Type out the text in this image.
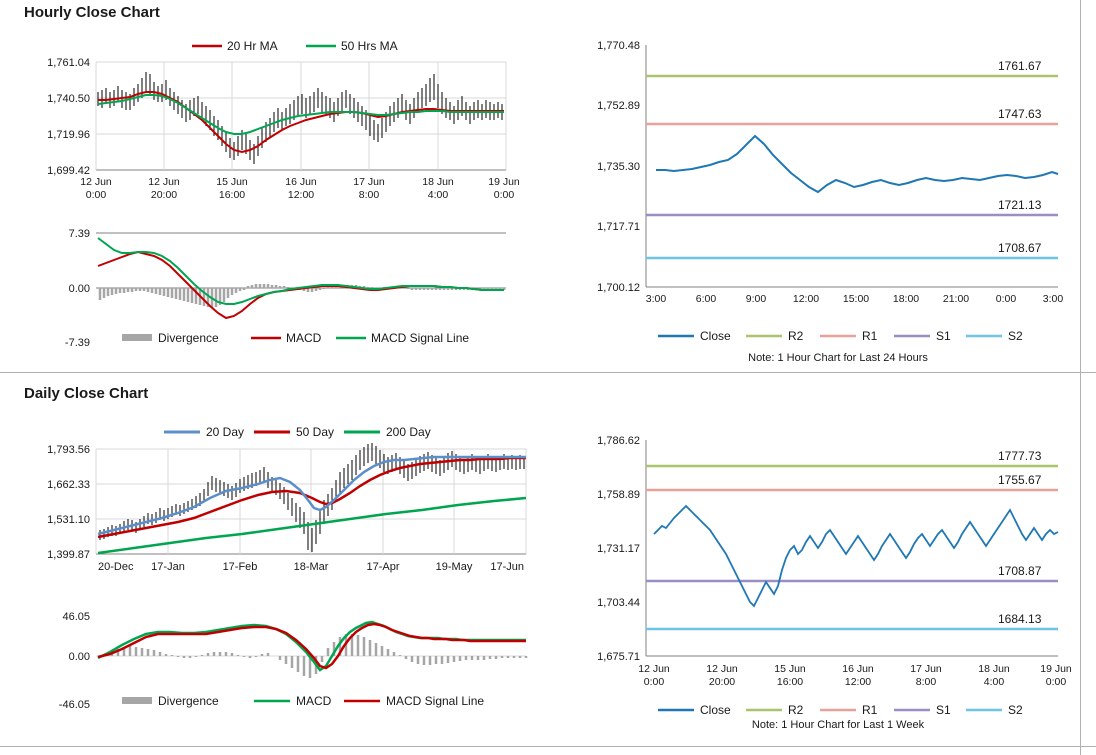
Hourly Close Chart
Daily Close Chart
20 Hr MA	50 Hrs MA
1,761.04
1,740.50
1,719.96
1,699.42
12 Jun
0:00
12 Jun
20:00
15 Jun
16:00
16 Jun
12:00
17 Jun
8:00
18 Jun
4:00
19 Jun
0:00
7.39
0.00
-7.39	Divergence	MACD	MACD Signal Line
1,770.48
1,752.89
1,735.30
1,717.71
1,700.12
1761.67
1747.63
1721.13
1708.67
3:00	6:00	9:00	12:00 15:00 18:00 21:00	0:00	3:00
Close	R2	R1	S1	S2
Note: 1 Hour Chart for Last 24 Hours
20 Day	50 Day	200 Day
1,793.56
1,662.33
1,531.10
1,399.87
20-Dec 17-Jan	17-Feb	18-Mar	17-Apr	19-May 17-Jun
46.05
0.00
-46.05	Divergence	MACD	MACD Signal Line
1,786.62
1,758.89
1,731.17
1,703.44
1,675.71
1777.73
1755.67
1708.87
1684.13
12 Jun
0:00
12 Jun
20:00
15 Jun
16:00
16 Jun
12:00
17 Jun
8:00
18 Jun
4:00
19 Jun
0:00
Close	R2	R1	S1	S2
Note: 1 Hour Chart for Last 1 Week
